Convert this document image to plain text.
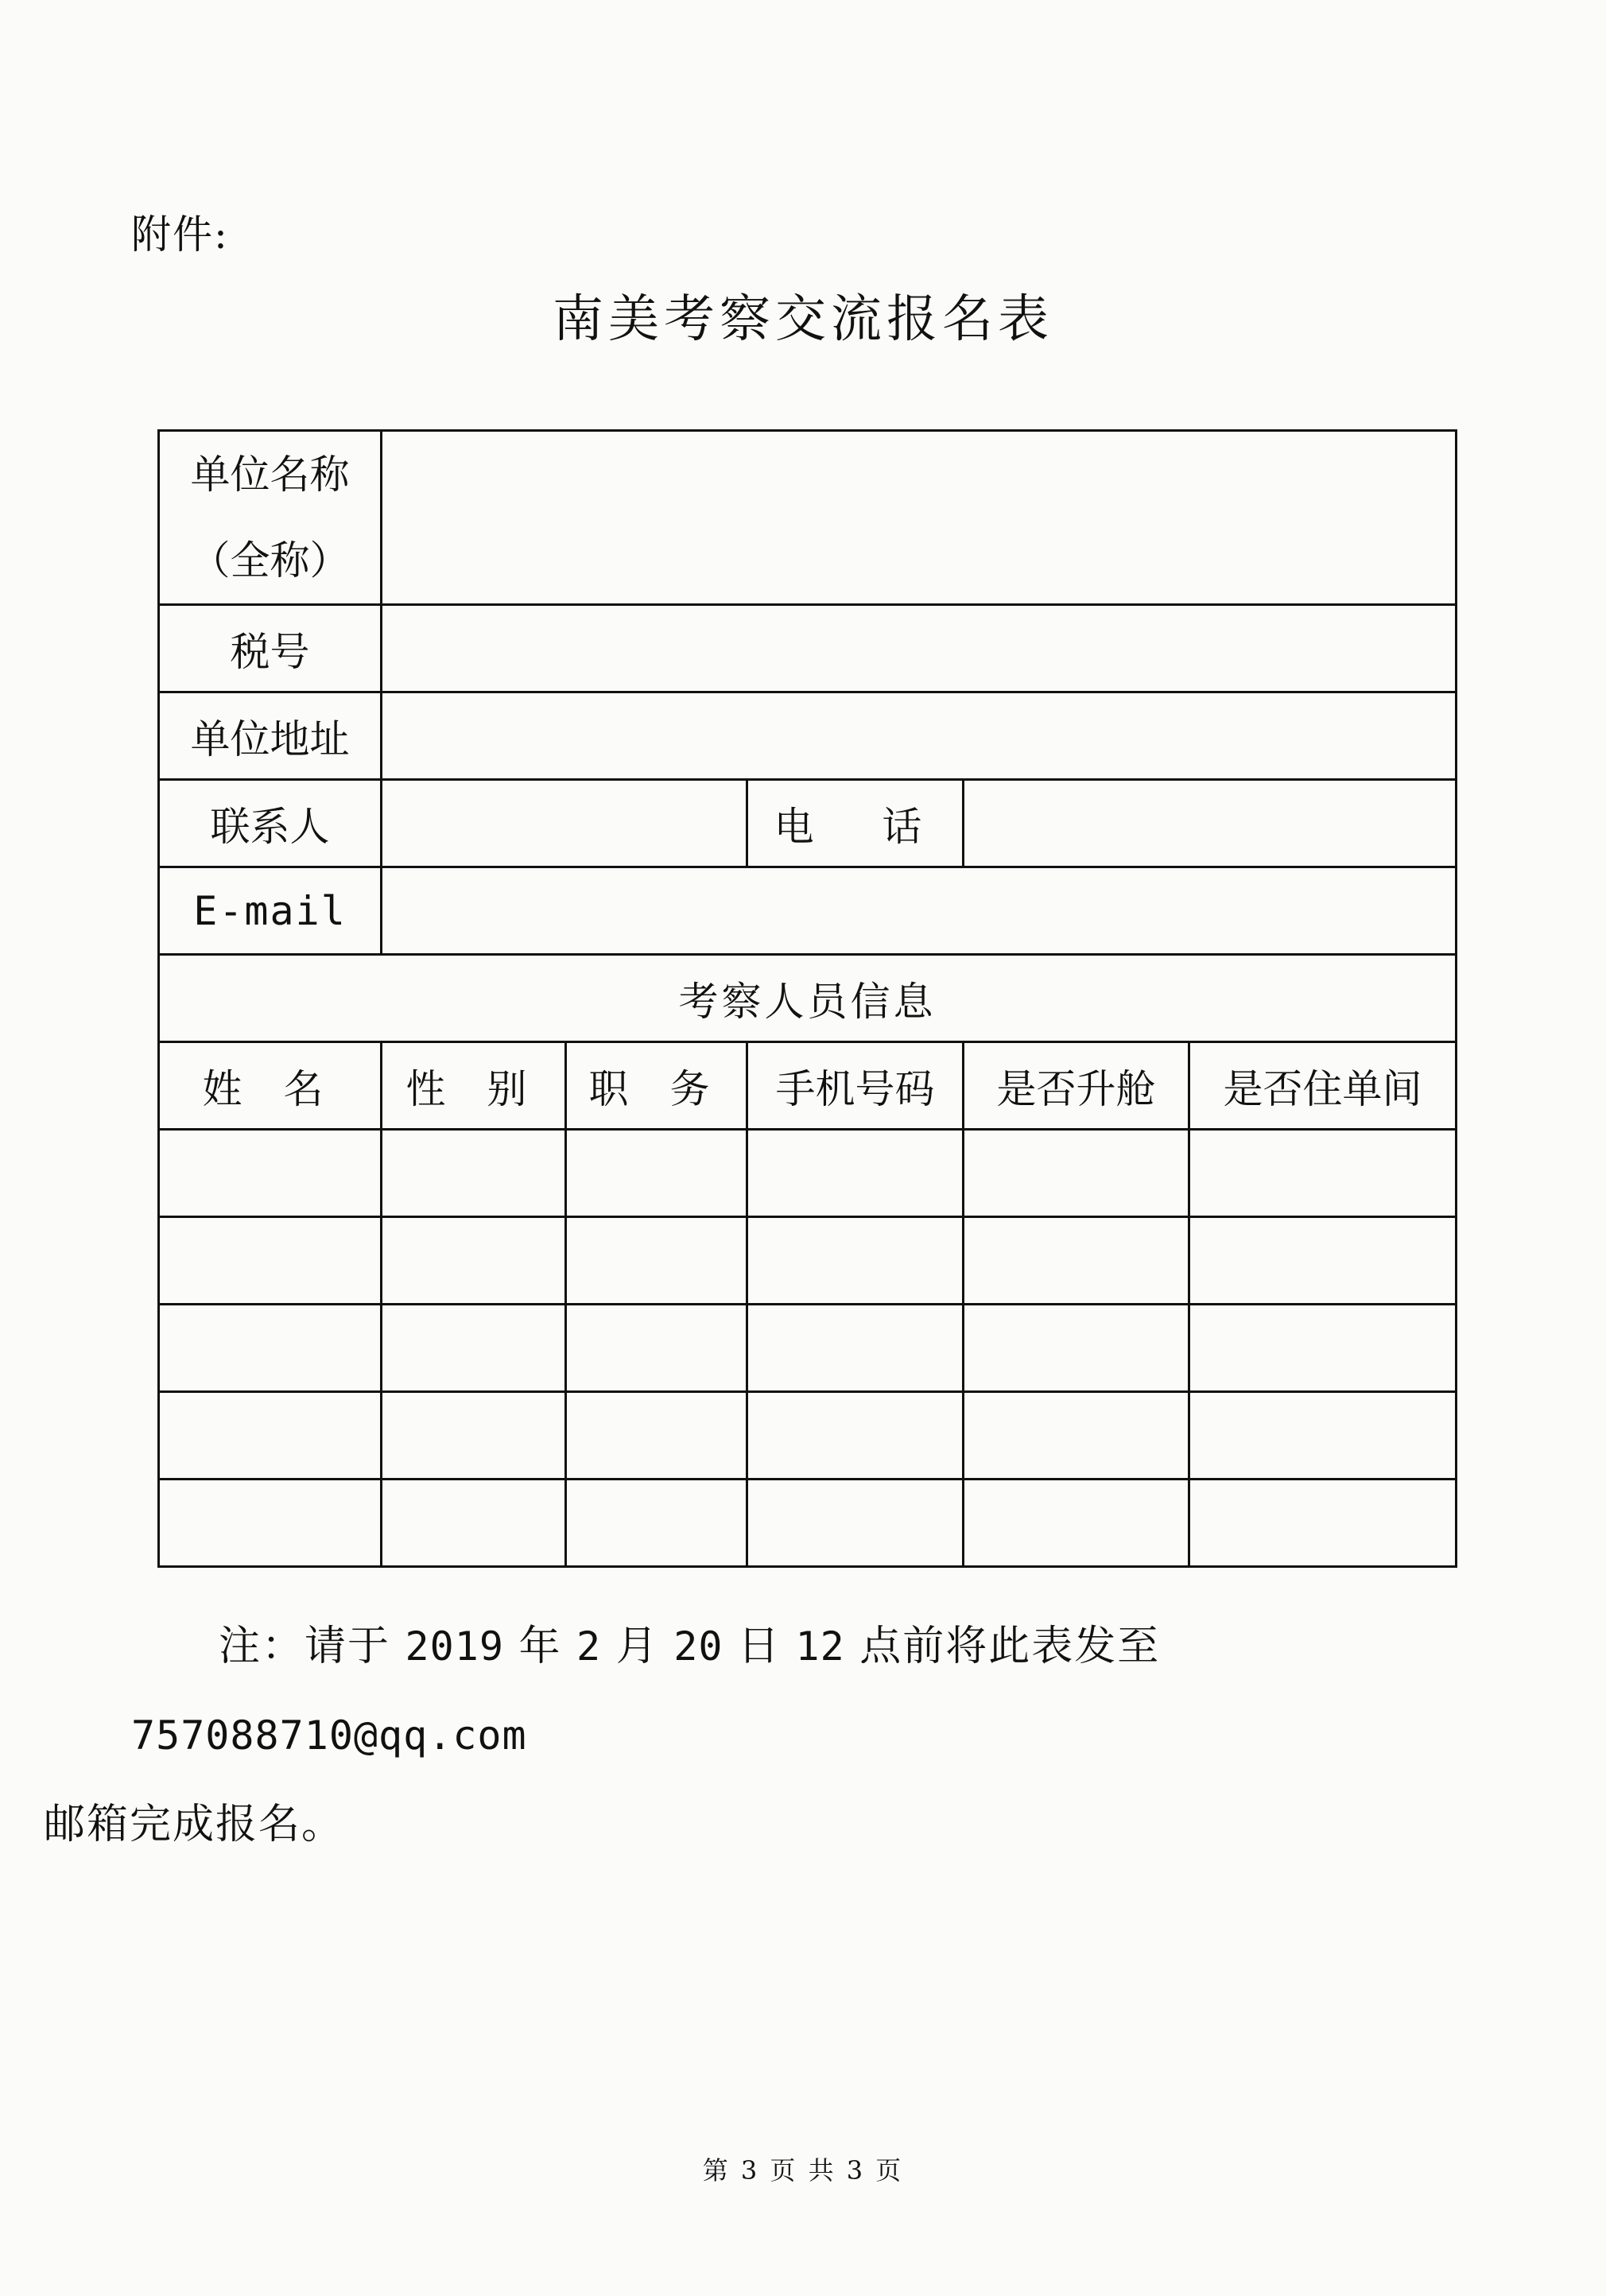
附件:
南美考察交流报名表
单位名称
（全称）					
税号					
单位地址					
联系人			电  话		
E-mail					
考察人员信息					
姓 名	性 别	职 务	手机号码	是否升舱	是否住单间

注：请于 2019 年 2 月 20 日 12 点前将此表发至 757088710@qq.com
邮箱完成报名。
第 3 页 共 3 页
